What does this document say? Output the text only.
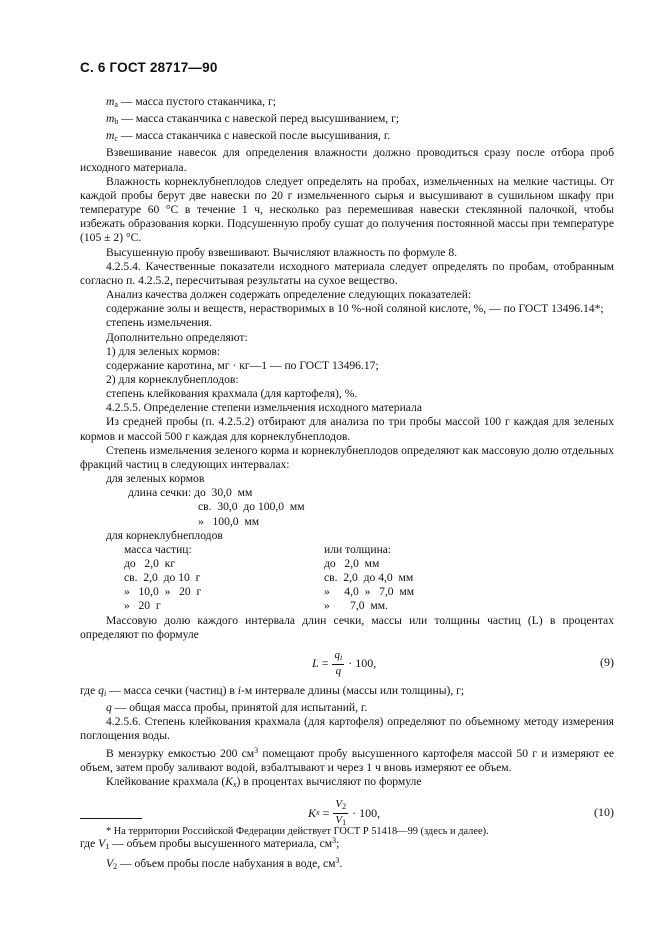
С. 6 ГОСТ 28717—90
$m_a$ — масса пустого стаканчика, г;
$m_b$ — масса стаканчика с навеской перед высушиванием, г;
$m_c$ — масса стаканчика с навеской после высушивания, г.

Взвешивание навесок для определения влажности должно проводиться сразу после отбора проб исходного материала.

Влажность корнеклубнеплодов следует определять на пробах, измельченных на мелкие частицы. От каждой пробы берут две навески по 20 г измельченного сырья и высушивают в сушильном шкафу при температуре 60 °С в течение 1 ч, несколько раз перемешивая навески стеклянной палочкой, чтобы избежать образования корки. Подсушенную пробу сушат до получения постоянной массы при температуре (105 ± 2) °С.

Высушенную пробу взвешивают. Вычисляют влажность по формуле 8.

4.2.5.4. Качественные показатели исходного материала следует определять по пробам, отобранным согласно п. 4.2.5.2, пересчитывая результаты на сухое вещество.

Анализ качества должен содержать определение следующих показателей:

содержание золы и веществ, нерастворимых в 10 %-ной соляной кислоте, %, — по ГОСТ 13496.14*;

степень измельчения.

Дополнительно определяют:

1) для зеленых кормов:

содержание каротина, мг · кг—1 — по ГОСТ 13496.17;

2) для корнеклубнеплодов:

степень клейкования крахмала (для картофеля), %.

4.2.5.5. Определение степени измельчения исходного материала

Из средней пробы (п. 4.2.5.2) отбирают для анализа по три пробы массой 100 г каждая для зеленых кормов и массой 500 г каждая для корнеклубнеплодов.

Степень измельчения зеленого корма и корнеклубнеплодов определяют как массовую долю отдельных фракций частиц в следующих интервалах:

для зеленых кормов

длина сечки: до  30,0  мм

св.  30,0  до 100,0  мм

»   100,0  мм

для корнеклубнеплодов

масса частиц:	или толщина:
до   2,0  кг	до   2,0  мм
св.  2,0  до 10  г	св.  2,0  до 4,0  мм
»   10,0  »   20  г	»     4,0  »   7,0  мм
»   20  г	»       7,0  мм.

Массовую долю каждого интервала длин сечки, массы или толщины частиц (L) в процентах определяют по формуле

L
= $\frac{q_i}{q} \cdot 100$,	(9)

где $q_i$ — масса сечки (частиц) в i-м интервале длины (массы или толщины), г;

q — общая масса пробы, принятой для испытаний, г.

4.2.5.6. Степень клейкования крахмала (для картофеля) определяют по объемному методу измерения поглощения воды.

В мензурку емкостью 200 $см^3$ помещают пробу высушенного картофеля массой 50 г и измеряют ее объем, затем пробу заливают водой, взбалтывают и через 1 ч вновь измеряют ее объем.

Клейкование крахмала $(K_x)$ в процентах вычисляют по формуле

K x
= $\frac{V_2}{V_1} \cdot 100$,	(10)

где $V_1$ — объем пробы высушенного материала, $см^3$;

$V_2$ — объем пробы после набухания в воде, $см^3$.

* На территории Российской Федерации действует ГОСТ Р 51418—99 (здесь и далее).
